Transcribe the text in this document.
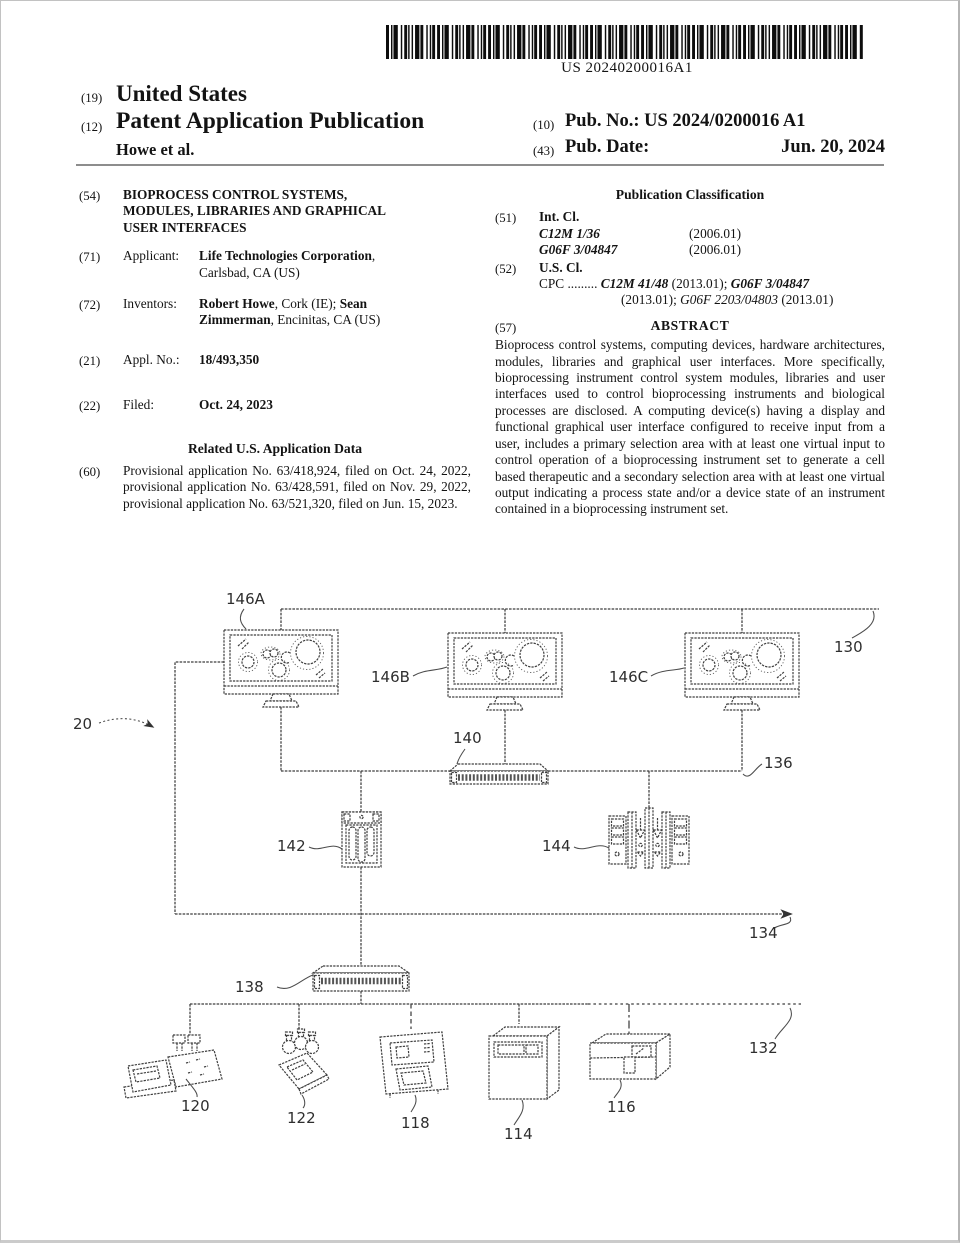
US 20240200016A1
(19) United States
(12) Patent Application Publication
Howe et al.
(10) Pub. No.: US 2024/0200016 A1
(43) Pub. Date:	Jun. 20, 2024
(54)	BIOPROCESS CONTROL SYSTEMS,
MODULES, LIBRARIES AND GRAPHICAL
USER INTERFACES
(71)	Applicant:	Life Technologies Corporation,
Carlsbad, CA (US)
(72)	Inventors:	Robert Howe, Cork (IE); Sean
Zimmerman, Encinitas, CA (US)
(21)	Appl. No.:	18/493,350
(22)	Filed:	Oct. 24, 2023
Related U.S. Application Data
(60)	Provisional application No. 63/418,924, filed on Oct. 24, 2022, provisional application No. 63/428,591, filed on Nov. 29, 2022, provisional application No. 63/521,320, filed on Jun. 15, 2023.
Publication Classification
(51)	Int. Cl.
C12M 1/36	(2006.01)
G06F 3/04847	(2006.01)
(52)	U.S. Cl.
CPC ......... C12M 41/48 (2013.01); G06F 3/04847
(2013.01); G06F 2203/04803 (2013.01)
(57)	ABSTRACT
Bioprocess control systems, computing devices, hardware architectures, modules, libraries and graphical user interfaces. More specifically, bioprocessing instrument control system modules, libraries and user interfaces used to control bioprocessing instruments and biological processes are disclosed. A computing device(s) having a display and functional graphical user interface configured to receive input from a user, includes a primary selection area with at least one virtual input to control operation of a bioprocessing instrument set to generate a cell based therapeutic and a secondary selection area with at least one virtual output indicating a process state and/or a device state of an instrument contained in a bioprocessing instrument set.
20
146A
146B	146C
130
140
136
142	144
134
138
132
120
122	118
114
116
